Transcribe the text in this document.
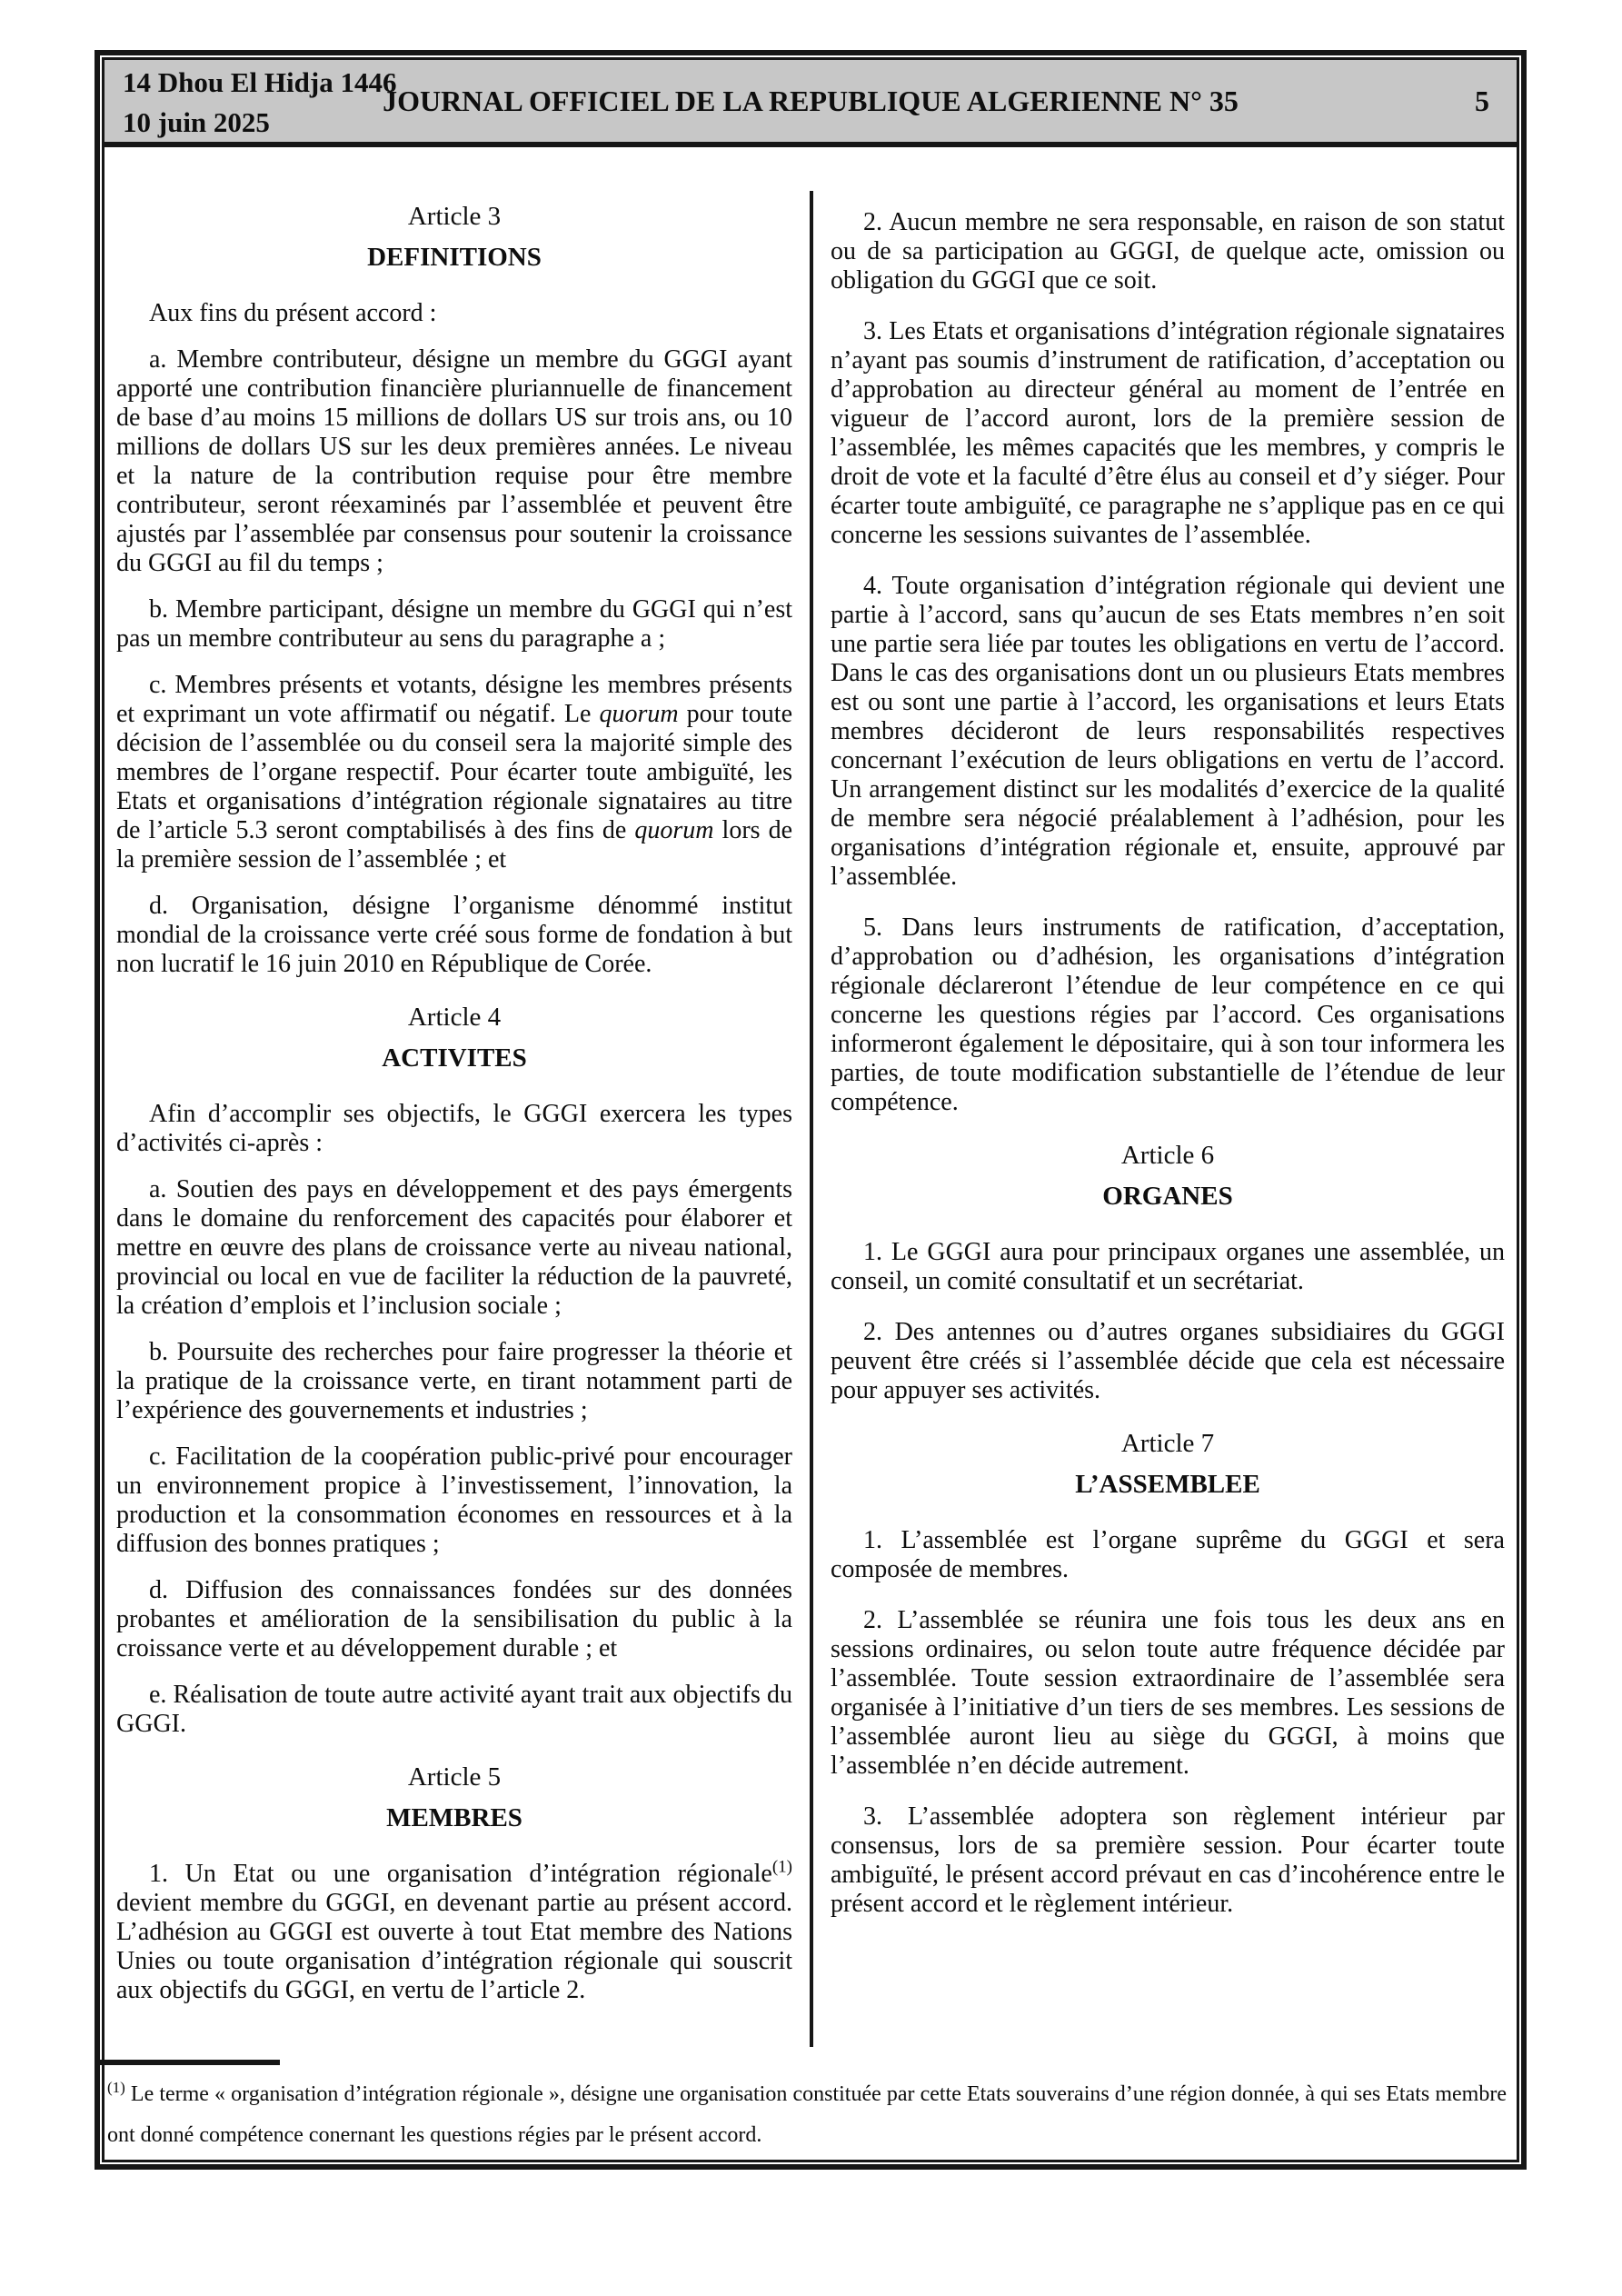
14 Dhou El Hidja 1446
10 juin 2025
JOURNAL OFFICIEL DE LA REPUBLIQUE ALGERIENNE N° 35	5
Article 3
DEFINITIONS

Aux fins du présent accord :

a. Membre contributeur, désigne un membre du GGGI ayant apporté une contribution financière pluriannuelle de financement de base d’au moins 15 millions de dollars US sur trois ans, ou 10 millions de dollars US sur les deux premières années. Le niveau et la nature de la contribution requise pour être membre contributeur, seront réexaminés par l’assemblée et peuvent être ajustés par l’assemblée par consensus pour soutenir la croissance du GGGI au fil du temps ;

b. Membre participant, désigne un membre du GGGI qui n’est pas un membre contributeur au sens du paragraphe a ;

c. Membres présents et votants, désigne les membres présents et exprimant un vote affirmatif ou négatif. Le quorum pour toute décision de l’assemblée ou du conseil sera la majorité simple des membres de l’organe respectif. Pour écarter toute ambiguïté, les Etats et organisations d’intégration régionale signataires au titre de l’article 5.3 seront comptabilisés à des fins de quorum lors de la première session de l’assemblée ; et

d. Organisation, désigne l’organisme dénommé institut mondial de la croissance verte créé sous forme de fondation à but non lucratif le 16 juin 2010 en République de Corée.

Article 4
ACTIVITES

Afin d’accomplir ses objectifs, le GGGI exercera les types d’activités ci-après :

a. Soutien des pays en développement et des pays émergents dans le domaine du renforcement des capacités pour élaborer et mettre en œuvre des plans de croissance verte au niveau national, provincial ou local en vue de faciliter la réduction de la pauvreté, la création d’emplois et l’inclusion sociale ;

b. Poursuite des recherches pour faire progresser la théorie et la pratique de la croissance verte, en tirant notamment parti de l’expérience des gouvernements et industries ;

c. Facilitation de la coopération public-privé pour encourager un environnement propice à l’investissement, l’innovation, la production et la consommation économes en ressources et à la diffusion des bonnes pratiques ;

d. Diffusion des connaissances fondées sur des données probantes et amélioration de la sensibilisation du public à la croissance verte et au développement durable ; et

e. Réalisation de toute autre activité ayant trait aux objectifs du GGGI.

Article 5
MEMBRES

1. Un Etat ou une organisation d’intégration régionale$^{(1)}$ devient membre du GGGI, en devenant partie au présent accord. L’adhésion au GGGI est ouverte à tout Etat membre des Nations Unies ou toute organisation d’intégration régionale qui souscrit aux objectifs du GGGI, en vertu de l’article 2.

2. Aucun membre ne sera responsable, en raison de son statut ou de sa participation au GGGI, de quelque acte, omission ou obligation du GGGI que ce soit.

3. Les Etats et organisations d’intégration régionale signataires n’ayant pas soumis d’instrument de ratification, d’acceptation ou d’approbation au directeur général au moment de l’entrée en vigueur de l’accord auront, lors de la première session de l’assemblée, les mêmes capacités que les membres, y compris le droit de vote et la faculté d’être élus au conseil et d’y siéger. Pour écarter toute ambiguïté, ce paragraphe ne s’applique pas en ce qui concerne les sessions suivantes de l’assemblée.

4. Toute organisation d’intégration régionale qui devient une partie à l’accord, sans qu’aucun de ses Etats membres n’en soit une partie sera liée par toutes les obligations en vertu de l’accord. Dans le cas des organisations dont un ou plusieurs Etats membres est ou sont une partie à l’accord, les organisations et leurs Etats membres décideront de leurs responsabilités respectives concernant l’exécution de leurs obligations en vertu de l’accord. Un arrangement distinct sur les modalités d’exercice de la qualité de membre sera négocié préalablement à l’adhésion, pour les organisations d’intégration régionale et, ensuite, approuvé par l’assemblée.

5. Dans leurs instruments de ratification, d’acceptation, d’approbation ou d’adhésion, les organisations d’intégration régionale déclareront l’étendue de leur compétence en ce qui concerne les questions régies par l’accord. Ces organisations informeront également le dépositaire, qui à son tour informera les parties, de toute modification substantielle de l’étendue de leur compétence.

Article 6
ORGANES

1. Le GGGI aura pour principaux organes une assemblée, un conseil, un comité consultatif et un secrétariat.

2. Des antennes ou d’autres organes subsidiaires du GGGI peuvent être créés si l’assemblée décide que cela est nécessaire pour appuyer ses activités.

Article 7
L’ASSEMBLEE

1. L’assemblée est l’organe suprême du GGGI et sera composée de membres.

2. L’assemblée se réunira une fois tous les deux ans en sessions ordinaires, ou selon toute autre fréquence décidée par l’assemblée. Toute session extraordinaire de l’assemblée sera organisée à l’initiative d’un tiers de ses membres. Les sessions de l’assemblée auront lieu au siège du GGGI, à moins que l’assemblée n’en décide autrement.

3. L’assemblée adoptera son règlement intérieur par consensus, lors de sa première session. Pour écarter toute ambiguïté, le présent accord prévaut en cas d’incohérence entre le présent accord et le règlement intérieur.

$^{(1)}$ Le terme « organisation d’intégration régionale », désigne une organisation constituée par cette Etats souverains d’une région donnée, à qui ses Etats membre ont donné compétence conernant les questions régies par le présent accord.
